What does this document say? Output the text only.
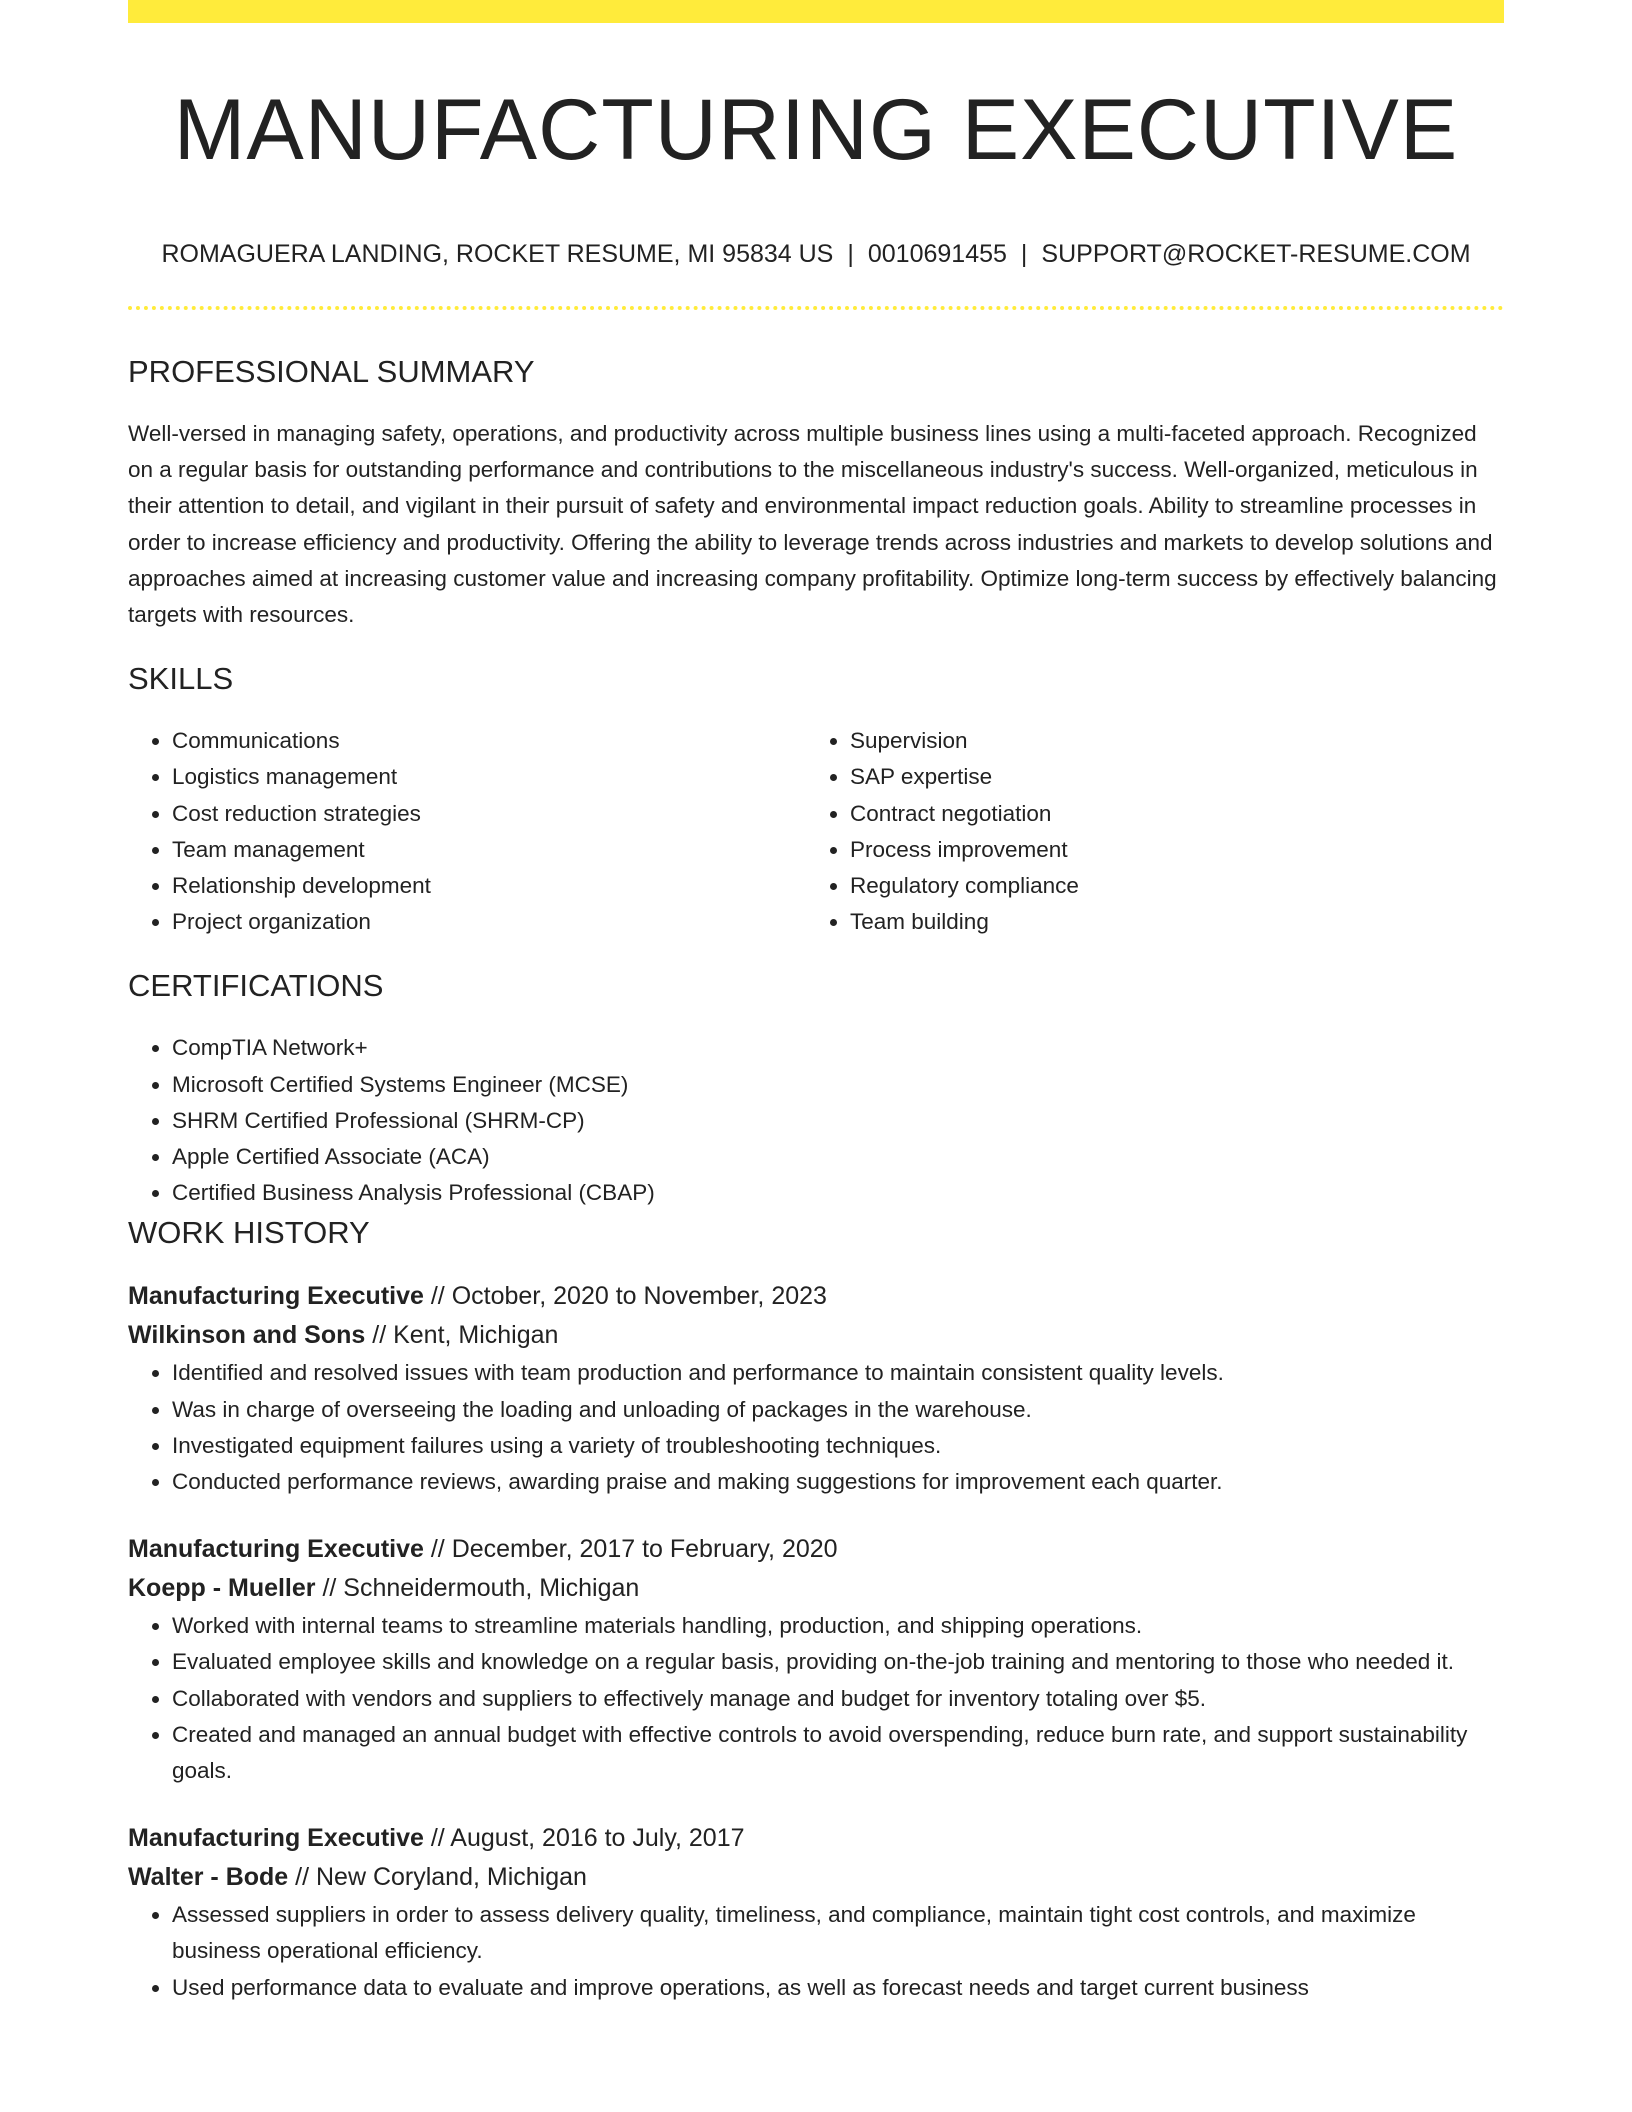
MANUFACTURING EXECUTIVE
ROMAGUERA LANDING, ROCKET RESUME, MI 95834 US | 0010691455 | SUPPORT@ROCKET-RESUME.COM
PROFESSIONAL SUMMARY

Well-versed in managing safety, operations, and productivity across multiple business lines using a multi-faceted approach. Recognized on a regular basis for outstanding performance and contributions to the miscellaneous industry's success. Well-organized, meticulous in their attention to detail, and vigilant in their pursuit of safety and environmental impact reduction goals. Ability to streamline processes in order to increase efficiency and productivity. Offering the ability to leverage trends across industries and markets to develop solutions and approaches aimed at increasing customer value and increasing company profitability. Optimize long-term success by effectively balancing targets with resources.

SKILLS
• Communications
• Logistics management
• Cost reduction strategies
• Team management
• Relationship development
• Project organization
• Supervision
• SAP expertise
• Contract negotiation
• Process improvement
• Regulatory compliance
• Team building
CERTIFICATIONS
• CompTIA Network+
• Microsoft Certified Systems Engineer (MCSE)
• SHRM Certified Professional (SHRM-CP)
• Apple Certified Associate (ACA)
• Certified Business Analysis Professional (CBAP)
WORK HISTORY
Manufacturing Executive // October, 2020 to November, 2023
Wilkinson and Sons // Kent, Michigan
• Identified and resolved issues with team production and performance to maintain consistent quality levels.
• Was in charge of overseeing the loading and unloading of packages in the warehouse.
• Investigated equipment failures using a variety of troubleshooting techniques.
• Conducted performance reviews, awarding praise and making suggestions for improvement each quarter.
Manufacturing Executive // December, 2017 to February, 2020
Koepp - Mueller // Schneidermouth, Michigan
• Worked with internal teams to streamline materials handling, production, and shipping operations.
• Evaluated employee skills and knowledge on a regular basis, providing on-the-job training and mentoring to those who needed it.
• Collaborated with vendors and suppliers to effectively manage and budget for inventory totaling over $5.
• Created and managed an annual budget with effective controls to avoid overspending, reduce burn rate, and support sustainability goals.
Manufacturing Executive // August, 2016 to July, 2017
Walter - Bode // New Coryland, Michigan
• Assessed suppliers in order to assess delivery quality, timeliness, and compliance, maintain tight cost controls, and maximize business operational efficiency.
• Used performance data to evaluate and improve operations, as well as forecast needs and target current business
